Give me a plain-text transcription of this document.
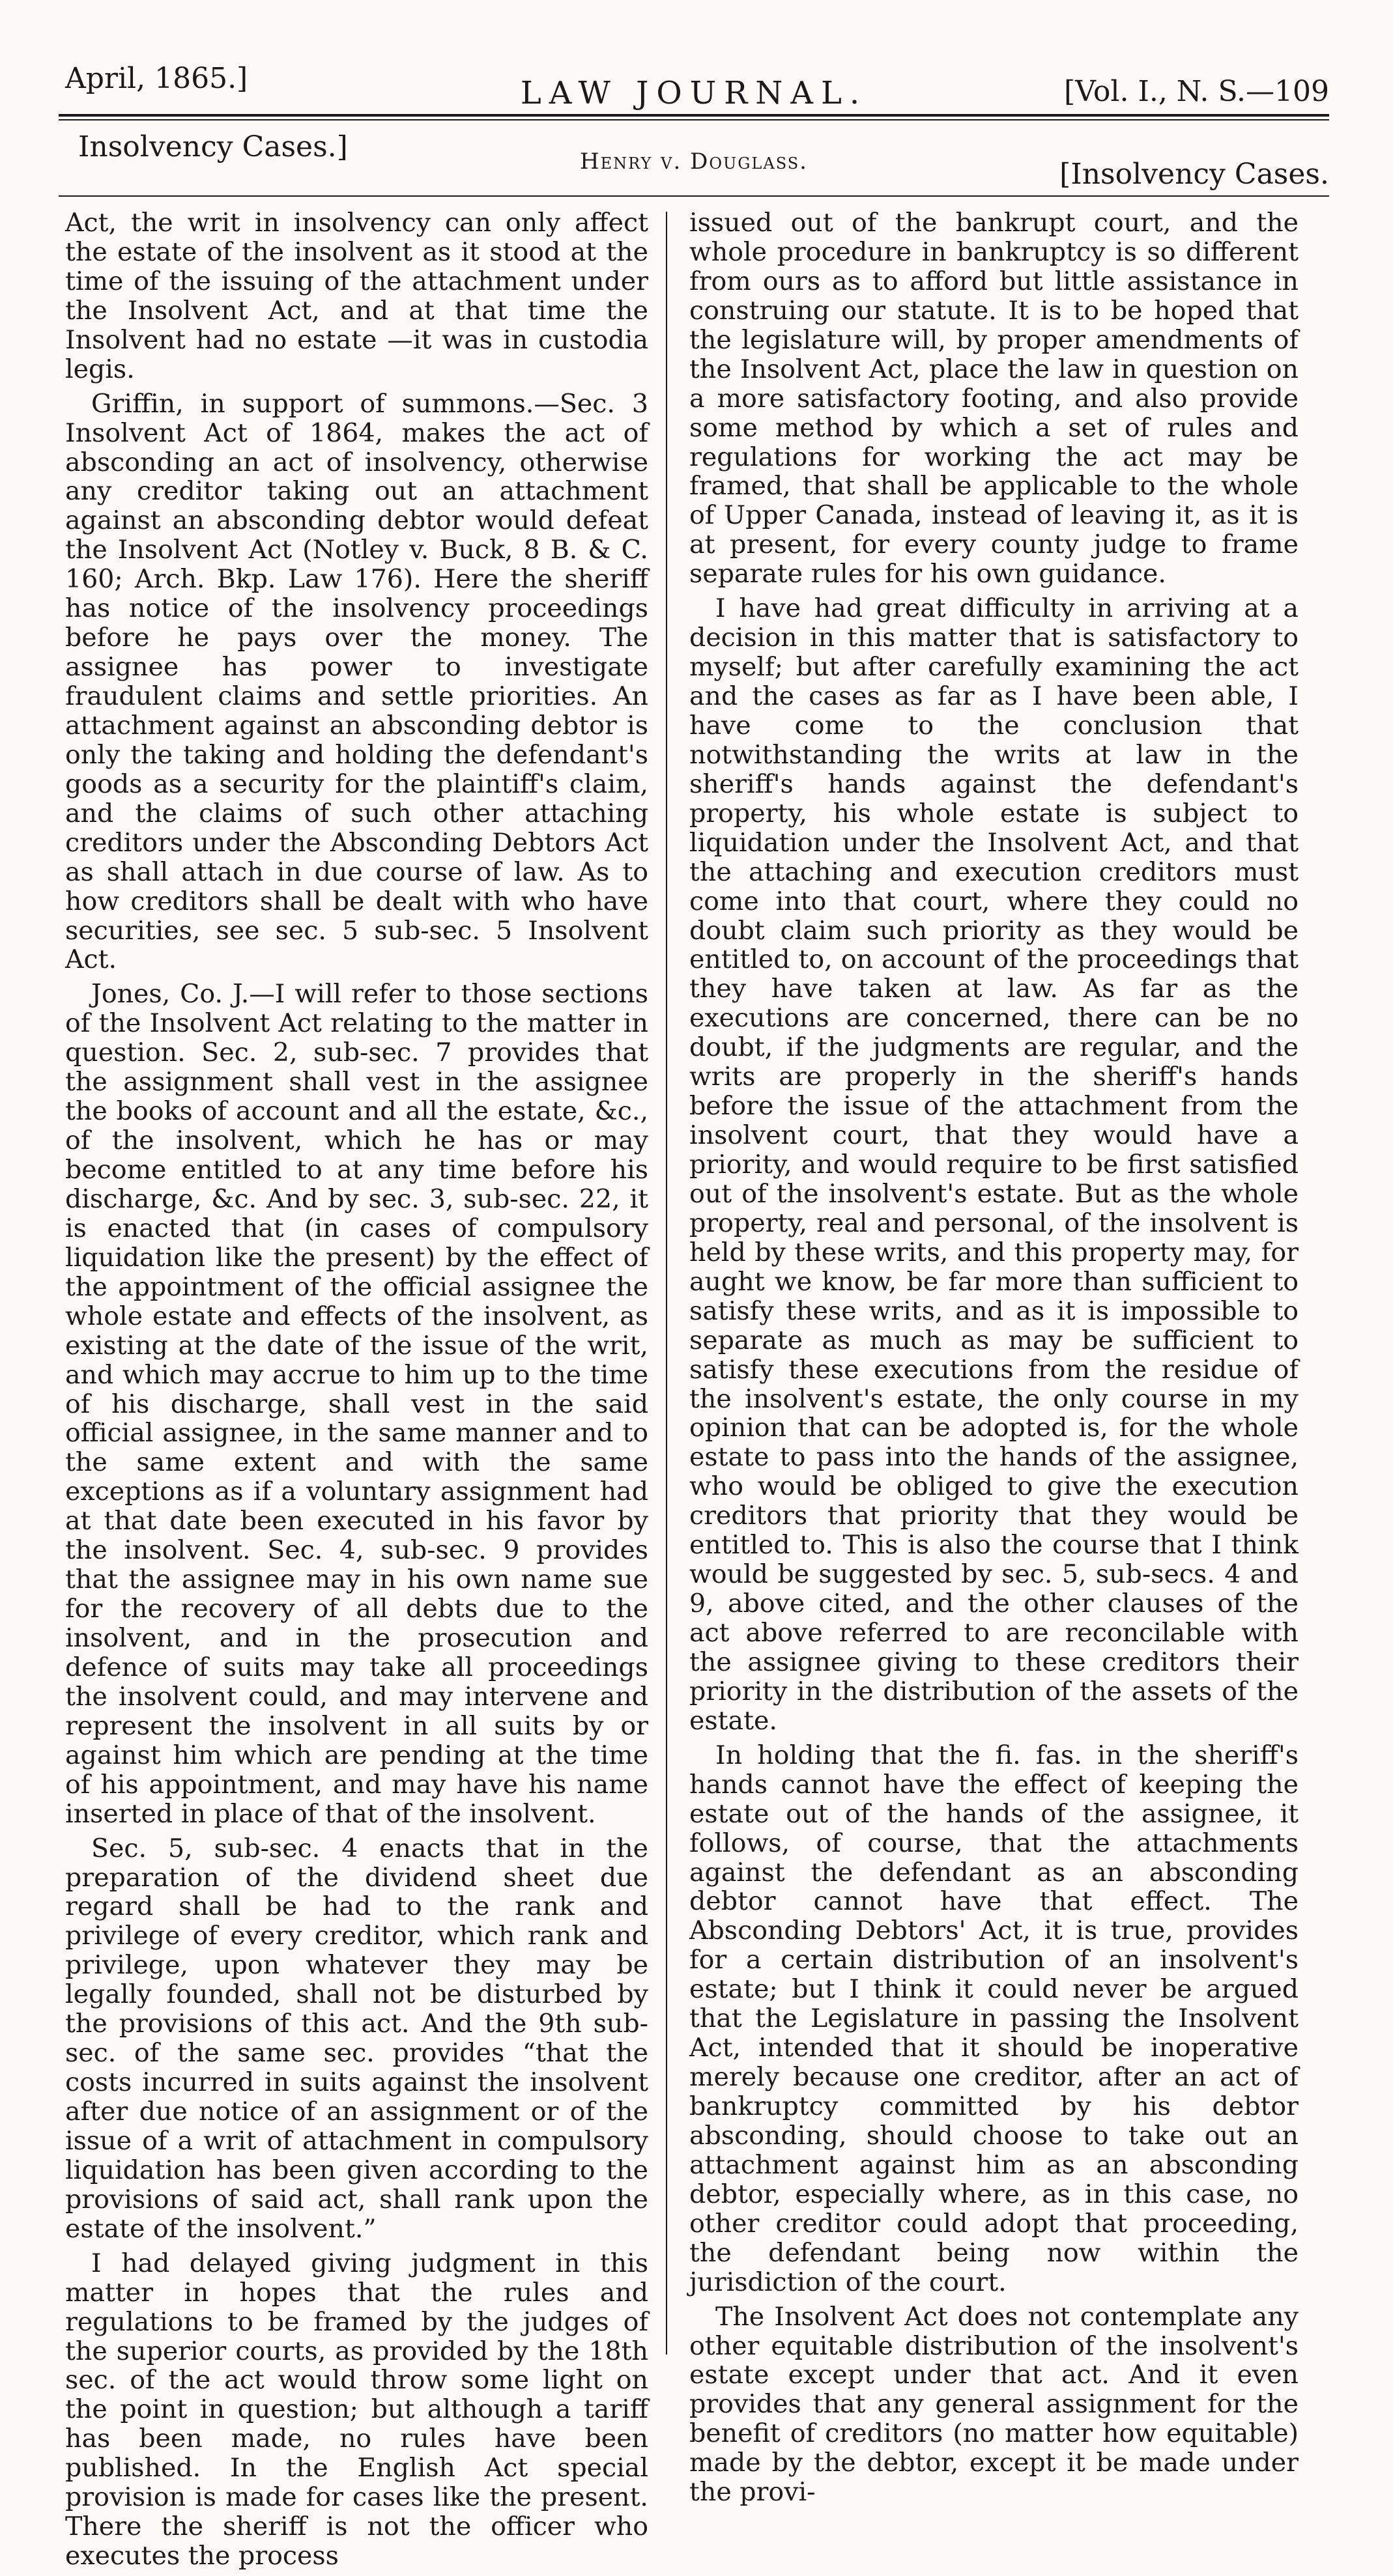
April, 1865.]	LAW JOURNAL.	[Vol. I., N. S.—109
Insolvency Cases.]	Henry v. Douglass.	[Insolvency Cases.

Act, the writ in insolvency can only affect the estate of the insolvent as it stood at the time of the issuing of the attachment under the Insolvent Act, and at that time the Insolvent had no estate —it was in custodia legis.

Griffin, in support of summons.—Sec. 3 Insolvent Act of 1864, makes the act of absconding an act of insolvency, otherwise any creditor taking out an attachment against an absconding debtor would defeat the Insolvent Act (Notley v. Buck, 8 B. & C. 160; Arch. Bkp. Law 176). Here the sheriff has notice of the insolvency proceedings before he pays over the money. The assignee has power to investigate fraudulent claims and settle priorities. An attachment against an absconding debtor is only the taking and holding the defendant's goods as a security for the plaintiff's claim, and the claims of such other attaching creditors under the Absconding Debtors Act as shall attach in due course of law. As to how creditors shall be dealt with who have securities, see sec. 5 sub-sec. 5 Insolvent Act.

Jones, Co. J.—I will refer to those sections of the Insolvent Act relating to the matter in question. Sec. 2, sub-sec. 7 provides that the assignment shall vest in the assignee the books of account and all the estate, &c., of the insolvent, which he has or may become entitled to at any time before his discharge, &c. And by sec. 3, sub-sec. 22, it is enacted that (in cases of compulsory liquidation like the present) by the effect of the appointment of the official assignee the whole estate and effects of the insolvent, as existing at the date of the issue of the writ, and which may accrue to him up to the time of his discharge, shall vest in the said official assignee, in the same manner and to the same extent and with the same exceptions as if a voluntary assignment had at that date been executed in his favor by the insolvent. Sec. 4, sub-sec. 9 provides that the assignee may in his own name sue for the recovery of all debts due to the insolvent, and in the prosecution and defence of suits may take all proceedings the insolvent could, and may intervene and represent the insolvent in all suits by or against him which are pending at the time of his appointment, and may have his name inserted in place of that of the insolvent.

Sec. 5, sub-sec. 4 enacts that in the preparation of the dividend sheet due regard shall be had to the rank and privilege of every creditor, which rank and privilege, upon whatever they may be legally founded, shall not be disturbed by the provisions of this act. And the 9th sub-sec. of the same sec. provides “that the costs incurred in suits against the insolvent after due notice of an assignment or of the issue of a writ of attachment in compulsory liquidation has been given according to the provisions of said act, shall rank upon the estate of the insolvent.”

I had delayed giving judgment in this matter in hopes that the rules and regulations to be framed by the judges of the superior courts, as provided by the 18th sec. of the act would throw some light on the point in question; but although a tariff has been made, no rules have been published. In the English Act special provision is made for cases like the present. There the sheriff is not the officer who executes the process

issued out of the bankrupt court, and the whole procedure in bankruptcy is so different from ours as to afford but little assistance in construing our statute. It is to be hoped that the legislature will, by proper amendments of the Insolvent Act, place the law in question on a more satisfactory footing, and also provide some method by which a set of rules and regulations for working the act may be framed, that shall be applicable to the whole of Upper Canada, instead of leaving it, as it is at present, for every county judge to frame separate rules for his own guidance.

I have had great difficulty in arriving at a decision in this matter that is satisfactory to myself; but after carefully examining the act and the cases as far as I have been able, I have come to the conclusion that notwithstanding the writs at law in the sheriff's hands against the defendant's property, his whole estate is subject to liquidation under the Insolvent Act, and that the attaching and execution creditors must come into that court, where they could no doubt claim such priority as they would be entitled to, on account of the proceedings that they have taken at law. As far as the executions are concerned, there can be no doubt, if the judgments are regular, and the writs are properly in the sheriff's hands before the issue of the attachment from the insolvent court, that they would have a priority, and would require to be first satisfied out of the insolvent's estate. But as the whole property, real and personal, of the insolvent is held by these writs, and this property may, for aught we know, be far more than sufficient to satisfy these writs, and as it is impossible to separate as much as may be sufficient to satisfy these executions from the residue of the insolvent's estate, the only course in my opinion that can be adopted is, for the whole estate to pass into the hands of the assignee, who would be obliged to give the execution creditors that priority that they would be entitled to. This is also the course that I think would be suggested by sec. 5, sub-secs. 4 and 9, above cited, and the other clauses of the act above referred to are reconcilable with the assignee giving to these creditors their priority in the distribution of the assets of the estate.

In holding that the fi. fas. in the sheriff's hands cannot have the effect of keeping the estate out of the hands of the assignee, it follows, of course, that the attachments against the defendant as an absconding debtor cannot have that effect. The Absconding Debtors' Act, it is true, provides for a certain distribution of an insolvent's estate; but I think it could never be argued that the Legislature in passing the Insolvent Act, intended that it should be inoperative merely because one creditor, after an act of bankruptcy committed by his debtor absconding, should choose to take out an attachment against him as an absconding debtor, especially where, as in this case, no other creditor could adopt that proceeding, the defendant being now within the jurisdiction of the court.

The Insolvent Act does not contemplate any other equitable distribution of the insolvent's estate except under that act. And it even provides that any general assignment for the benefit of creditors (no matter how equitable) made by the debtor, except it be made under the provi-
